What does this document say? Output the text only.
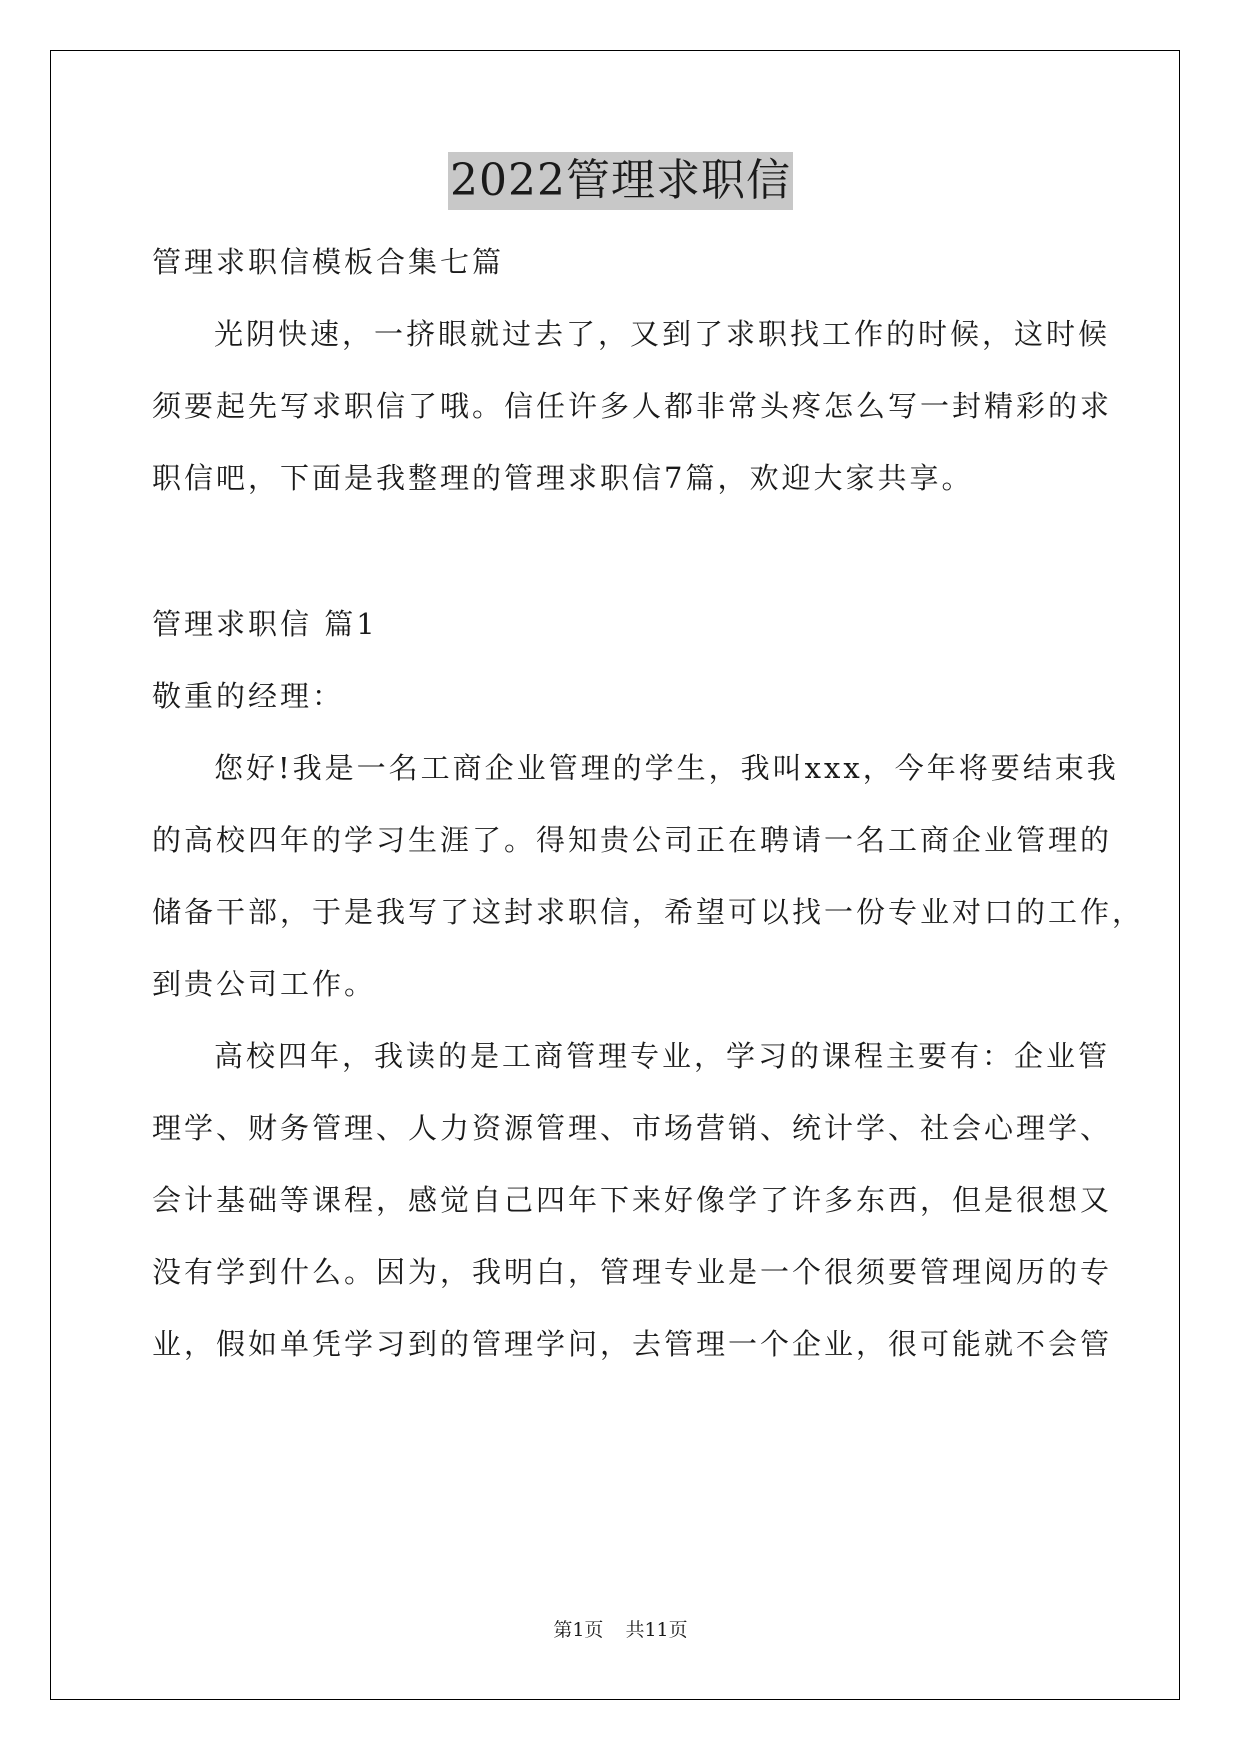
2022管理求职信
管理求职信模板合集七篇
光阴快速，一挤眼就过去了，又到了求职找工作的时候，这时候
须要起先写求职信了哦。信任许多人都非常头疼怎么写一封精彩的求
职信吧，下面是我整理的管理求职信7篇，欢迎大家共享。
管理求职信 篇1
敬重的经理：
您好!我是一名工商企业管理的学生，我叫xxx，今年将要结束我
的高校四年的学习生涯了。得知贵公司正在聘请一名工商企业管理的
储备干部，于是我写了这封求职信，希望可以找一份专业对口的工作，
到贵公司工作。
高校四年，我读的是工商管理专业，学习的课程主要有：企业管
理学、财务管理、人力资源管理、市场营销、统计学、社会心理学、
会计基础等课程，感觉自己四年下来好像学了许多东西，但是很想又
没有学到什么。因为，我明白，管理专业是一个很须要管理阅历的专
业，假如单凭学习到的管理学问，去管理一个企业，很可能就不会管
第1页 共11页
